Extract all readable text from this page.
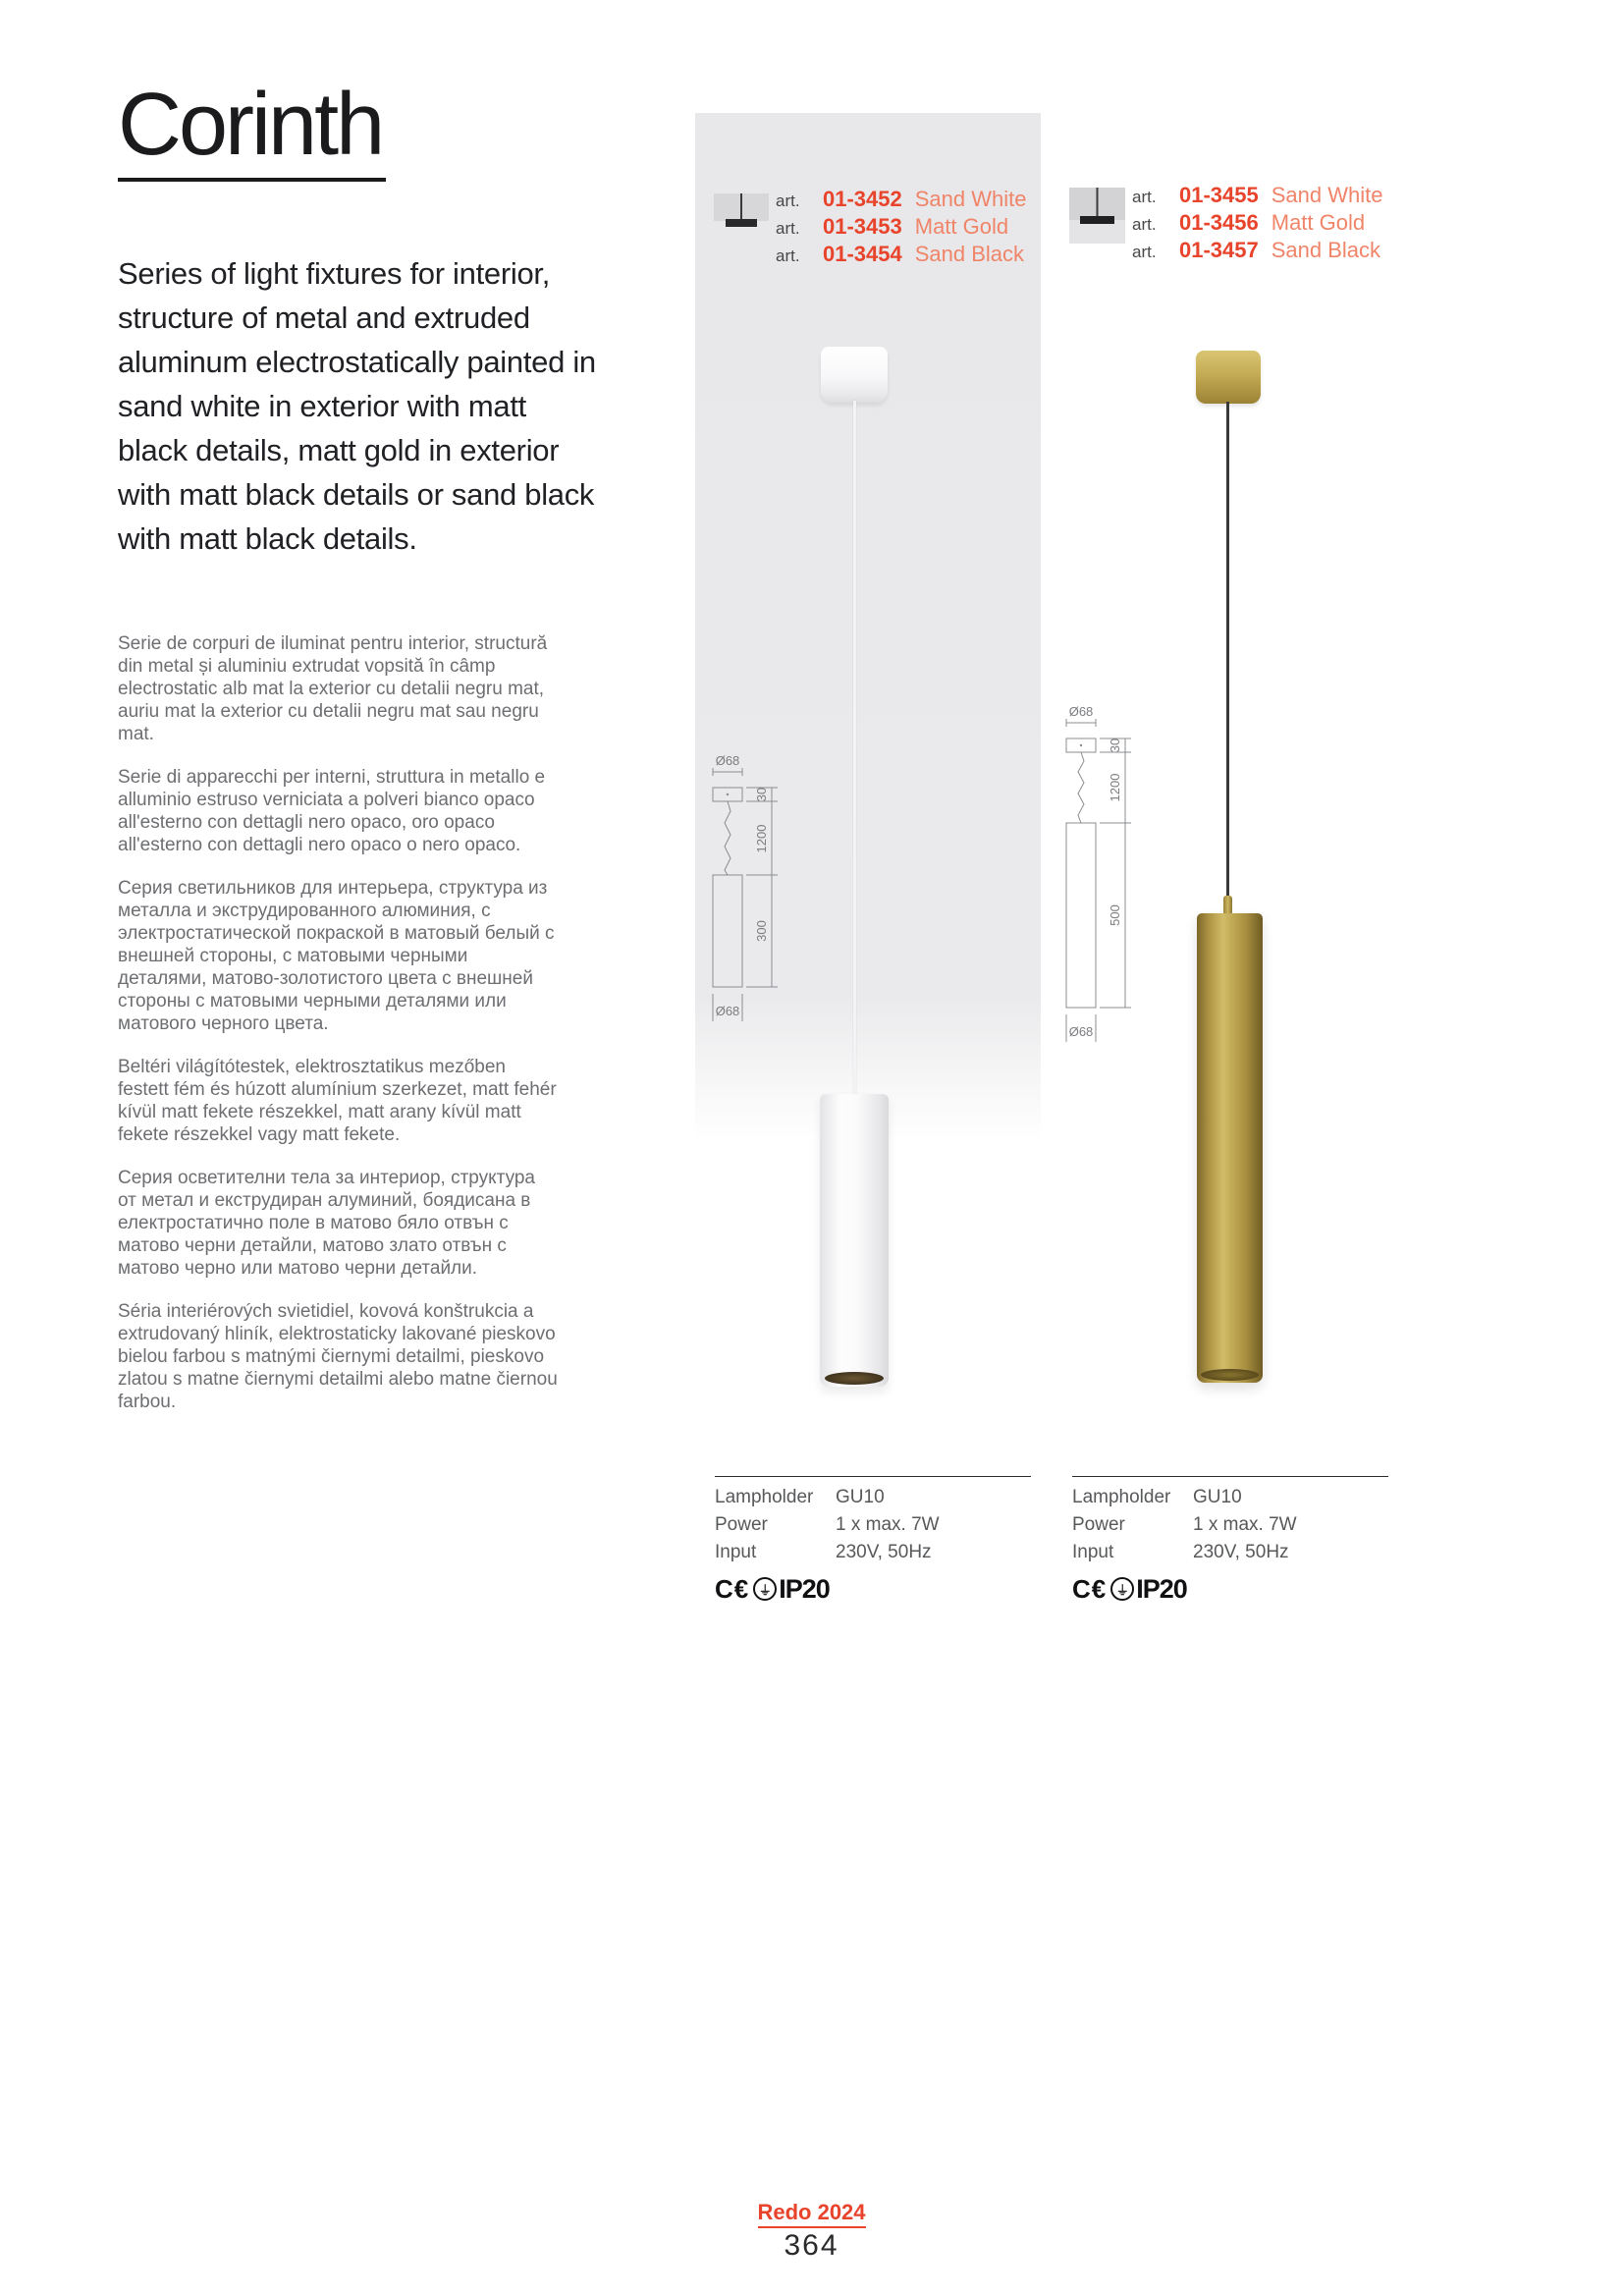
Corinth

Series of light fixtures for interior, structure of metal and extruded aluminum electrostatically painted in sand white in exterior with matt black details, matt gold in exterior with matt black details or sand black with matt black details.

Serie de corpuri de iluminat pentru interior, structură din metal și aluminiu extrudat vopsită în câmp electrostatic alb mat la exterior cu detalii negru mat, auriu mat la exterior cu detalii negru mat sau negru mat.

Serie di apparecchi per interni, struttura in metallo e alluminio estruso verniciata a polveri bianco opaco all'esterno con dettagli nero opaco, oro opaco all'esterno con dettagli nero opaco o nero opaco.

Серия светильников для интерьера, структура из металла и экструдированного алюминия, с электростатической покраской в матовый белый с внешней стороны, с матовыми черными деталями, матово-золотистого цвета с внешней стороны с матовыми черными деталями или матового черного цвета.

Beltéri világítótestek, elektrosztatikus mezőben festett fém és húzott alumínium szerkezet, matt fehér kívül matt fekete részekkel, matt arany kívül matt fekete részekkel vagy matt fekete.

Серия осветителни тела за интериор, структура от метал и екструдиран алуминий, боядисана в електростатично поле в матово бяло отвън с матово черни детайли, матово злато отвън с матово черно или матово черни детайли.

Séria interiérových svietidiel, kovová konštrukcia a extrudovaný hliník, elektrostaticky lakované pieskovo bielou farbou s matnými čiernymi detailmi, pieskovo zlatou s matne čiernymi detailmi alebo matne čiernou farbou.

art.	01-3452 Sand White
art.	01-3453 Matt Gold
art.	01-3454 Sand Black
art.	01-3455 Sand White
art.	01-3456 Matt Gold
art.	01-3457 Sand Black
Ø68
30
1200
300
Ø68
Ø68
30
1200
500
Ø68
Lampholder	GU10
Power	1 x max. 7W
Input	230V, 50Hz
C€ ⏚ IP20
Lampholder	GU10
Power	1 x max. 7W
Input	230V, 50Hz
C€ ⏚ IP20
Redo 2024
364
